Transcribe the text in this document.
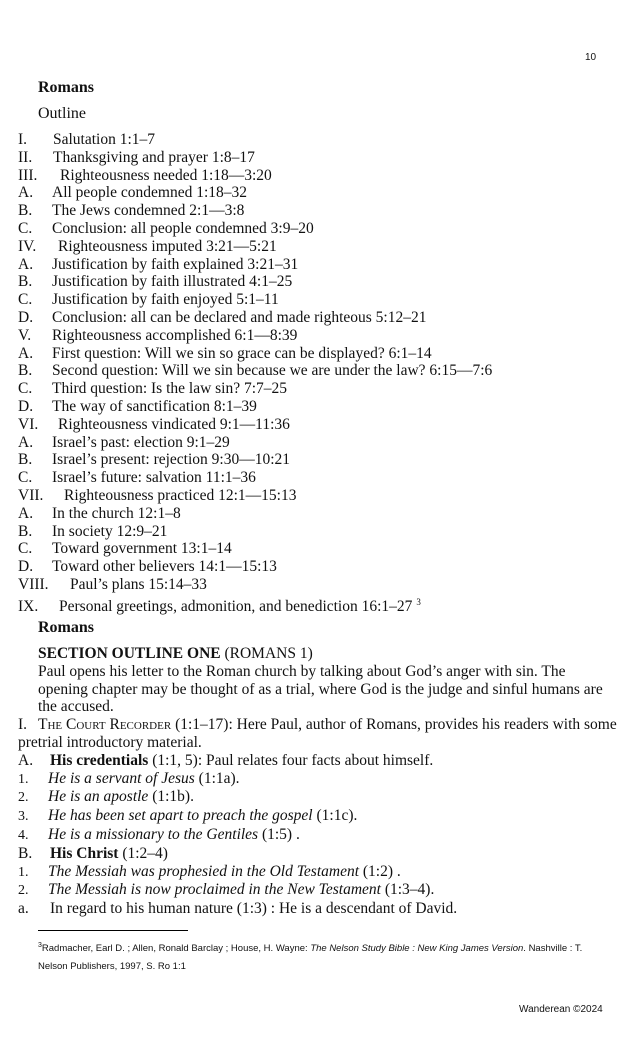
10
Romans
Outline
I. Salutation 1:1–7
II. Thanksgiving and prayer 1:8–17
III. Righteousness needed 1:18—3:20
A. All people condemned 1:18–32
B. The Jews condemned 2:1—3:8
C. Conclusion: all people condemned 3:9–20
IV. Righteousness imputed 3:21—5:21
A. Justification by faith explained 3:21–31
B. Justification by faith illustrated 4:1–25
C. Justification by faith enjoyed 5:1–11
D. Conclusion: all can be declared and made righteous 5:12–21
V. Righteousness accomplished 6:1—8:39
A. First question: Will we sin so grace can be displayed? 6:1–14
B. Second question: Will we sin because we are under the law? 6:15—7:6
C. Third question: Is the law sin? 7:7–25
D. The way of sanctification 8:1–39
VI. Righteousness vindicated 9:1—11:36
A. Israel’s past: election 9:1–29
B. Israel’s present: rejection 9:30—10:21
C. Israel’s future: salvation 11:1–36
VII. Righteousness practiced 12:1—15:13
A. In the church 12:1–8
B. In society 12:9–21
C. Toward government 13:1–14
D. Toward other believers 14:1—15:13
VIII. Paul’s plans 15:14–33
IX. Personal greetings, admonition, and benediction 16:1–27 $^3$
Romans

SECTION OUTLINE ONE (ROMANS 1)

Paul opens his letter to the Roman church by talking about God’s anger with sin. The opening chapter may be thought of as a trial, where God is the judge and sinful humans are the accused.

I. The Court Recorder (1:1–17): Here Paul, author of Romans, provides his readers with some pretrial introductory material.
A. His credentials (1:1, 5): Paul relates four facts about himself.
1. He is a servant of Jesus (1:1a).
2. He is an apostle (1:1b).
3. He has been set apart to preach the gospel (1:1c).
4. He is a missionary to the Gentiles (1:5) .
B. His Christ (1:2–4)
1. The Messiah was prophesied in the Old Testament (1:2) .
2. The Messiah is now proclaimed in the New Testament (1:3–4).
a. In regard to his human nature (1:3) : He is a descendant of David.
$^3$Radmacher, Earl D. ; Allen, Ronald Barclay ; House, H. Wayne: The Nelson Study Bible : New King James Version. Nashville : T. Nelson Publishers, 1997, S. Ro 1:1
Wanderean ©2024
